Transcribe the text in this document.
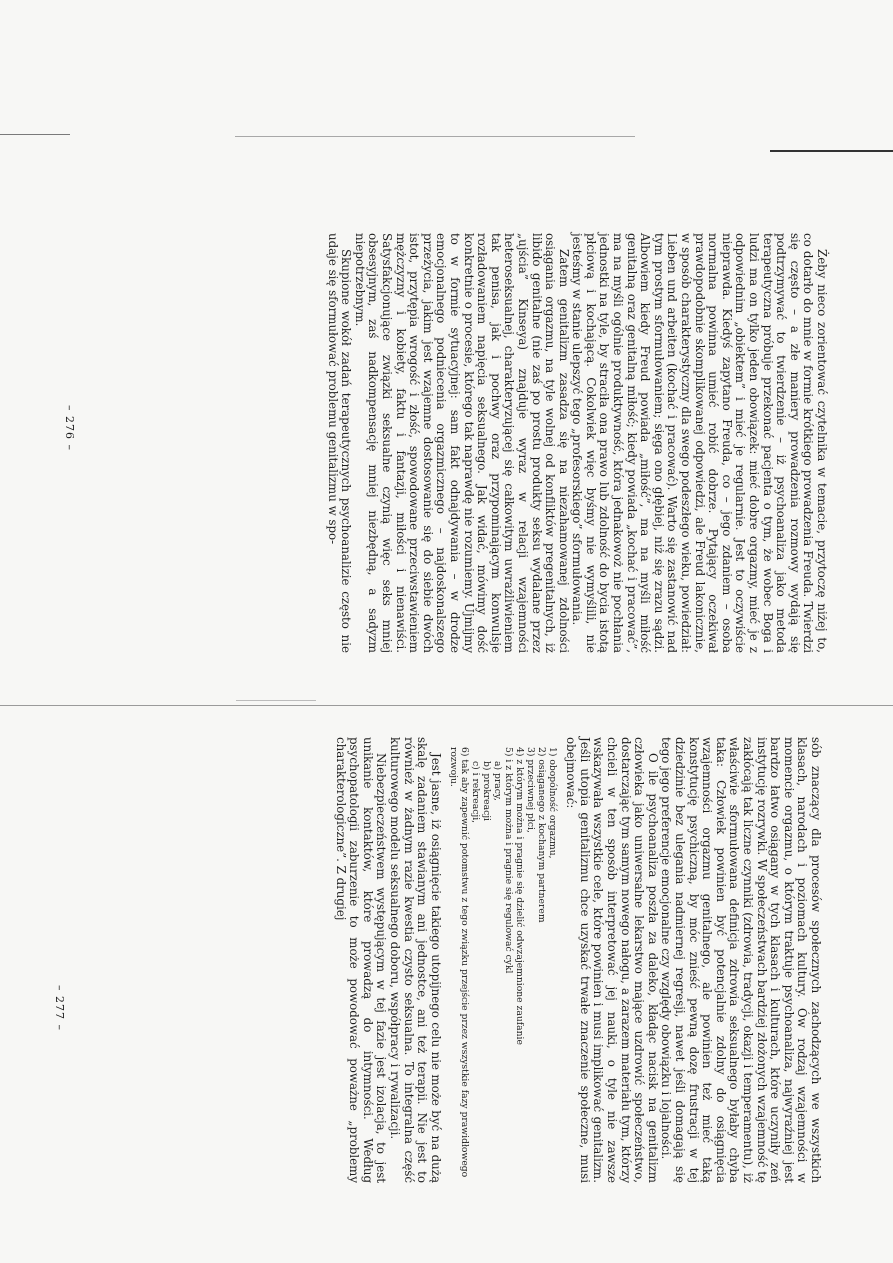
Żeby nieco zorientować czytelnika w temacie, przytoczę niżej to, co dotarło do mnie w formie krótkiego prowadzenia Freuda. Twierdzi się często – a złe maniery prowadzenia rozmowy wydają się podtrzymywać to twierdzenie – iż psychoanaliza jako metoda terapeutyczna próbuje przekonać pacjenta o tym, że wobec Boga i ludzi ma on tylko jeden obowiązek: mieć dobre orgazmy, mieć je z odpowiednim „obiektem” i mieć je regularnie. Jest to oczywiście nieprawda. Kiedyś zapytano Freuda, co – jego zdaniem – osoba normalna powinna umieć robić dobrze. Pytający oczekiwał prawdopodobnie skomplikowanej odpowiedzi, ale Freud lakonicznie, w sposób charakterystyczny dla swego podeszłego wieku, powiedział: Lieben und arbeiten (kochać i pracować). Warto się zastanowić nad tym prostym sformułowaniem; sięga ono głębiej, niż się zrazu sądzi. Albowiem kiedy Freud powiada „miłość”, ma na myśli miłość genitalną oraz genitalną miłość; kiedy powiada „kochać i pracować”, ma na myśli ogólnie produktywność, która jednakowoż nie pochłania jednostki na tyle, by straciła ona prawo lub zdolność do bycia istotą płciową i kochającą. Cokolwiek więc byśmy nie wymyślili, nie jesteśmy w stanie ulepszyć tego „profesorskiego” sformułowania.

Zatem genitalizm zasadza się na niezahamowanej zdolności osiągania orgazmu, na tyle wolnej od konfliktów pregenitalnych, iż libido genitalne (nie zaś po prostu produkty seksu wydalane przez „ujścia” Kinseya) znajduje wyraz w relacji wzajemności heteroseksualnej, charakteryzującej się całkowitym uwrażliwieniem tak penisa, jak i pochwy oraz przypominającym konwulsje rozładowaniem napięcia seksualnego. Jak widać, mówimy dość konkretnie o procesie, którego tak naprawdę nie rozumiemy. Ujmijmy to w formie sytuacyjnej: sam fakt odnajdywania – w drodze emocjonalnego podniecenia orgazmicznego – najdoskonalszego przeżycia, jakim jest wzajemne dostosowanie się do siebie dwóch istot, przytępia wrogość i złość, spowodowane przeciwstawieniem mężczyzny i kobiety, faktu i fantazji, miłości i nienawiści. Satysfakcjonujące związki seksualne czynią więc seks mniej obsesyjnym, zaś nadkompensację mniej niezbędną, a sadyzm niepotrzebnym.

Skupione wokół zadań terapeutycznych psychoanalizie często nie udaje się sformułować problemu genitalizmu w spo-

– 276 –

sób znaczący dla procesów społecznych zachodzących we wszystkich klasach, narodach i poziomach kultury. Ów rodzaj wzajemności w momencie orgazmu, o którym traktuje psychoanaliza, najwyraźniej jest bardzo łatwo osiągany w tych klasach i kulturach, które uczyniły zeń instytucję rozrywki. W społeczeństwach bardziej złożonych wzajemność tę zakłócają tak liczne czynniki (zdrowia, tradycji, okazji i temperamentu), iż właściwie sformułowana definicja zdrowia seksualnego byłaby chyba taka: Człowiek powinien być potencjalnie zdolny do osiągnięcia wzajemności orgazmu genitalnego, ale powinien też mieć taką konstytucję psychiczną, by móc znieść pewną dozę frustracji w tej dziedzinie bez ulegania nadmiernej regresji, nawet jeśli domagają się tego jego preferencje emocjonalne czy względy obowiązku i lojalności.

O ile psychoanaliza poszła za daleko, kładąc nacisk na genitalizm człowieka jako uniwersalne lekarstwo mające uzdrowić społeczeństwo, dostarczając tym samym nowego nałogu, a zarazem materiału tym, którzy chcieli w ten sposób interpretować jej nauki, o tyle nie zawsze wskazywała wszystkie cele, które powinien i musi implikować genitalizm. Jeśli utopia genitalizmu chce uzyskać trwałe znaczenie społeczne, musi obejmować:

1) obopólność orgazmu,
2) osiąganego z kochanym partnerem
3) przeciwnej płci,
4) z którym można i pragnie się dzielić odwzajemnione zaufanie
5) i z którym można i pragnie się regulować cykl
a) pracy,
b) prokreacji
c) i rekreacji,
6) tak aby zapewnić potomstwu z tego związku przejście przez wszystkie fazy prawidłowego rozwoju.

Jest jasne, iż osiągnięcie takiego utopijnego celu nie może być na dużą skalę zadaniem stawianym ani jednostce, ani też terapii. Nie jest to również w żadnym razie kwestia czysto seksualna. To integralna część kulturowego modelu seksualnego doboru, współpracy i rywalizacji.

Niebezpieczeństwem występującym w tej fazie jest izolacja, to jest unikanie kontaktów, które prowadzą do intymności. Według psychopatologii zaburzenie to może powodować poważne „problemy charakterologiczne”. Z drugiej

– 277 –
